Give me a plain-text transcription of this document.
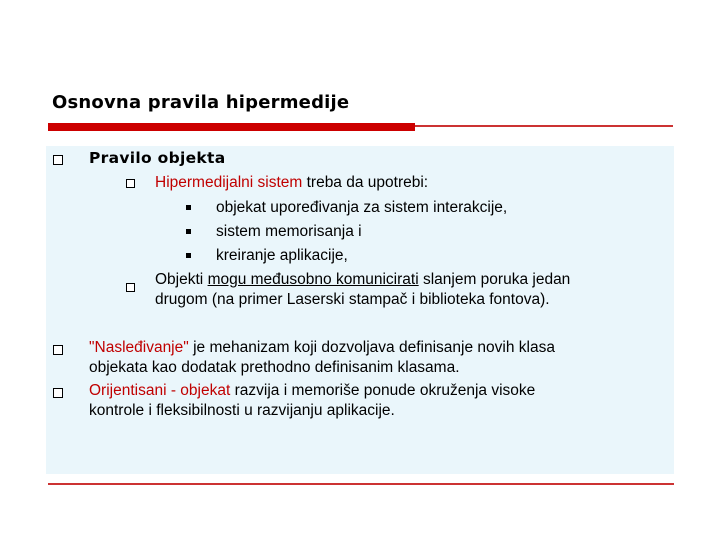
Osnovna pravila hipermedije
Pravilo objekta
Hipermedijalni sistem treba da upotrebi:
objekat upoređivanja za sistem interakcije,
sistem memorisanja i
kreiranje aplikacije,
Objekti mogu međusobno komunicirati slanjem poruka jedan
drugom (na primer Laserski stampač i biblioteka fontova).
"Nasleđivanje" je mehanizam koji dozvoljava definisanje novih klasa
objekata kao dodatak prethodno definisanim klasama.
Orijentisani - objekat razvija i memoriše ponude okruženja visoke
kontrole i fleksibilnosti u razvijanju aplikacije.
